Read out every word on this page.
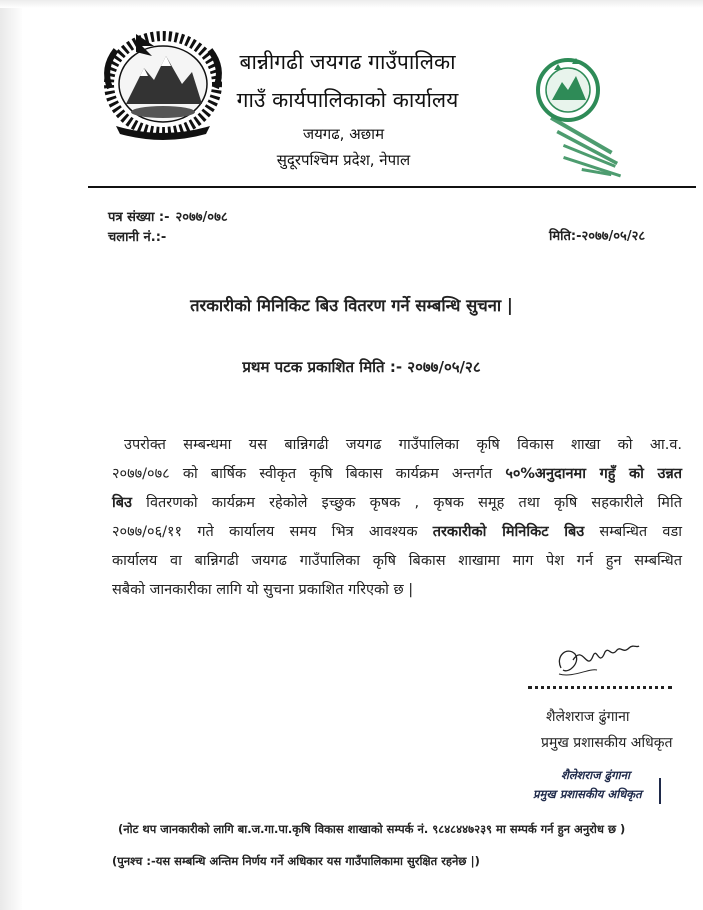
बान्नीगढी जयगढ गाउँपालिका
गाउँ कार्यपालिकाको कार्यालय
जयगढ, अछाम
सुदूरपश्चिम प्रदेश, नेपाल
पत्र संख्या :- २०७७/०७८
चलानी नं.:-	मिति:-२०७७/०५/२८
तरकारीको मिनिकिट बिउ वितरण गर्ने सम्बन्धि सुचना |
प्रथम पटक प्रकाशित मिति :- २०७७/०५/२८
उपरोक्त सम्बन्धमा यस बान्निगढी जयगढ गाउँपालिका कृषि विकास शाखा को आ.व.
२०७७/०७८ को बार्षिक स्वीकृत कृषि बिकास कार्यक्रम अन्तर्गत ५०%अनुदानमा गहुँ को उन्नत
बिउ वितरणको कार्यक्रम रहेकोले इच्छुक कृषक , कृषक समूह तथा कृषि सहकारीले मिति
२०७७/०६/११ गते कार्यालय समय भित्र आवश्यक तरकारीको मिनिकिट बिउ सम्बन्धित वडा
कार्यालय वा बान्निगढी जयगढ गाउँपालिका कृषि बिकास शाखामा माग पेश गर्न हुन सम्बन्धित
सबैको जानकारीका लागि यो सुचना प्रकाशित गरिएको छ |
शैलेशराज ढुंगाना
प्रमुख प्रशासकीय अधिकृत
शैलेशराज ढुंगाना
प्रमुख प्रशासकीय अधिकृत
(नोट थप जानकारीको लागि बा.ज.गा.पा.कृषि विकास शाखाको सम्पर्क नं. ९८४८४४७२३९ मा सम्पर्क गर्न हुन अनुरोध छ )
(पुनश्च :-यस सम्बन्धि अन्तिम निर्णय गर्ने अधिकार यस गाउँपालिकामा सुरक्षित रहनेछ |)
